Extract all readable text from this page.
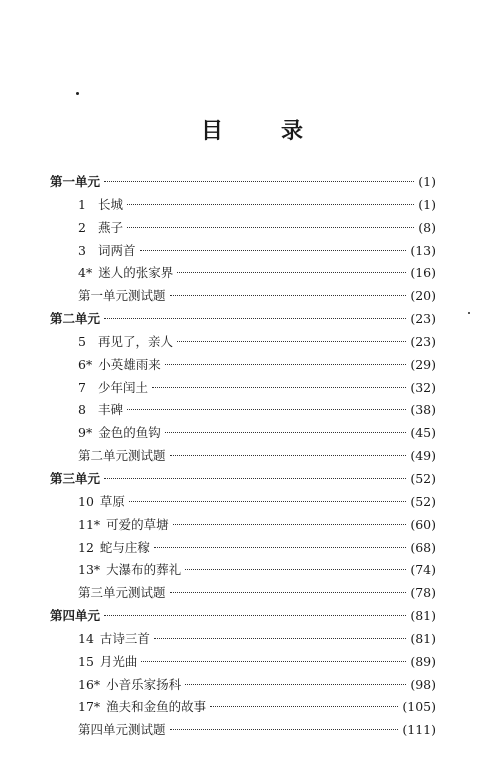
目	录
第一单元	(1)
1 长城	(1)
2 燕子	(8)
3 词两首	(13)
4* 迷人的张家界	(16)
第一单元测试题	(20)
第二单元	(23)
5 再见了，亲人	(23)
6* 小英雄雨来	(29)
7 少年闰土	(32)
8 丰碑	(38)
9* 金色的鱼钩	(45)
第二单元测试题	(49)
第三单元	(52)
10 草原	(52)
11* 可爱的草塘	(60)
12 蛇与庄稼	(68)
13* 大瀑布的葬礼	(74)
第三单元测试题	(78)
第四单元	(81)
14 古诗三首	(81)
15 月光曲	(89)
16* 小音乐家扬科	(98)
17* 渔夫和金鱼的故事	(105)
第四单元测试题	(111)
